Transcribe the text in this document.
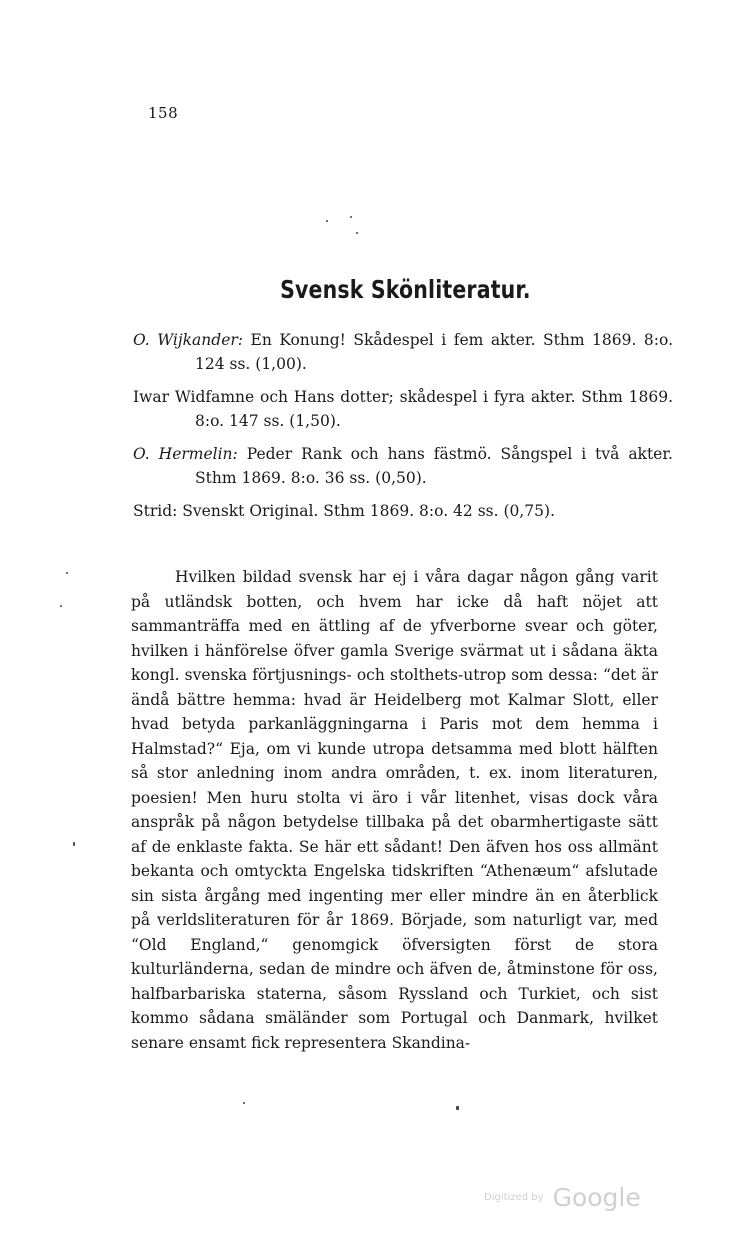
158
Svensk Skönliteratur.

O. Wijkander: En Konung! Skådespel i fem akter. Sthm 1869. 8:o. 124 ss. (1,00).

Iwar Widfamne och Hans dotter; skådespel i fyra akter. Sthm 1869. 8:o. 147 ss. (1,50).

O. Hermelin: Peder Rank och hans fästmö. Sångspel i två akter. Sthm 1869. 8:o. 36 ss. (0,50).

Strid: Svenskt Original. Sthm 1869. 8:o. 42 ss. (0,75).

Hvilken bildad svensk har ej i våra dagar någon gång varit på utländsk botten, och hvem har icke då haft nöjet att sammanträffa med en ättling af de yfverborne svear och göter, hvilken i hänförelse öfver gamla Sverige svärmat ut i sådana äkta kongl. svenska förtjusnings- och stolthets-utrop som dessa: “det är ändå bättre hemma: hvad är Heidelberg mot Kalmar Slott, eller hvad betyda parkanläggningarna i Paris mot dem hemma i Halmstad?“ Eja, om vi kunde utropa detsamma med blott hälften så stor anledning inom andra områden, t. ex. inom literaturen, poesien! Men huru stolta vi äro i vår litenhet, visas dock våra anspråk på någon betydelse tillbaka på det obarmhertigaste sätt af de enklaste fakta. Se här ett sådant! Den äfven hos oss allmänt bekanta och omtyckta Engelska tidskriften “Athenæum“ afslutade sin sista årgång med ingenting mer eller mindre än en återblick på verldsliteraturen för år 1869. Började, som naturligt var, med “Old England,“ genomgick öfversigten först de stora kulturländerna, sedan de mindre och äfven de, åtminstone för oss, halfbarbariska staterna, såsom Ryssland och Turkiet, och sist kommo sådana smäländer som Portugal och Danmark, hvilket senare ensamt fick representera Skandina-

Digitized by Google
